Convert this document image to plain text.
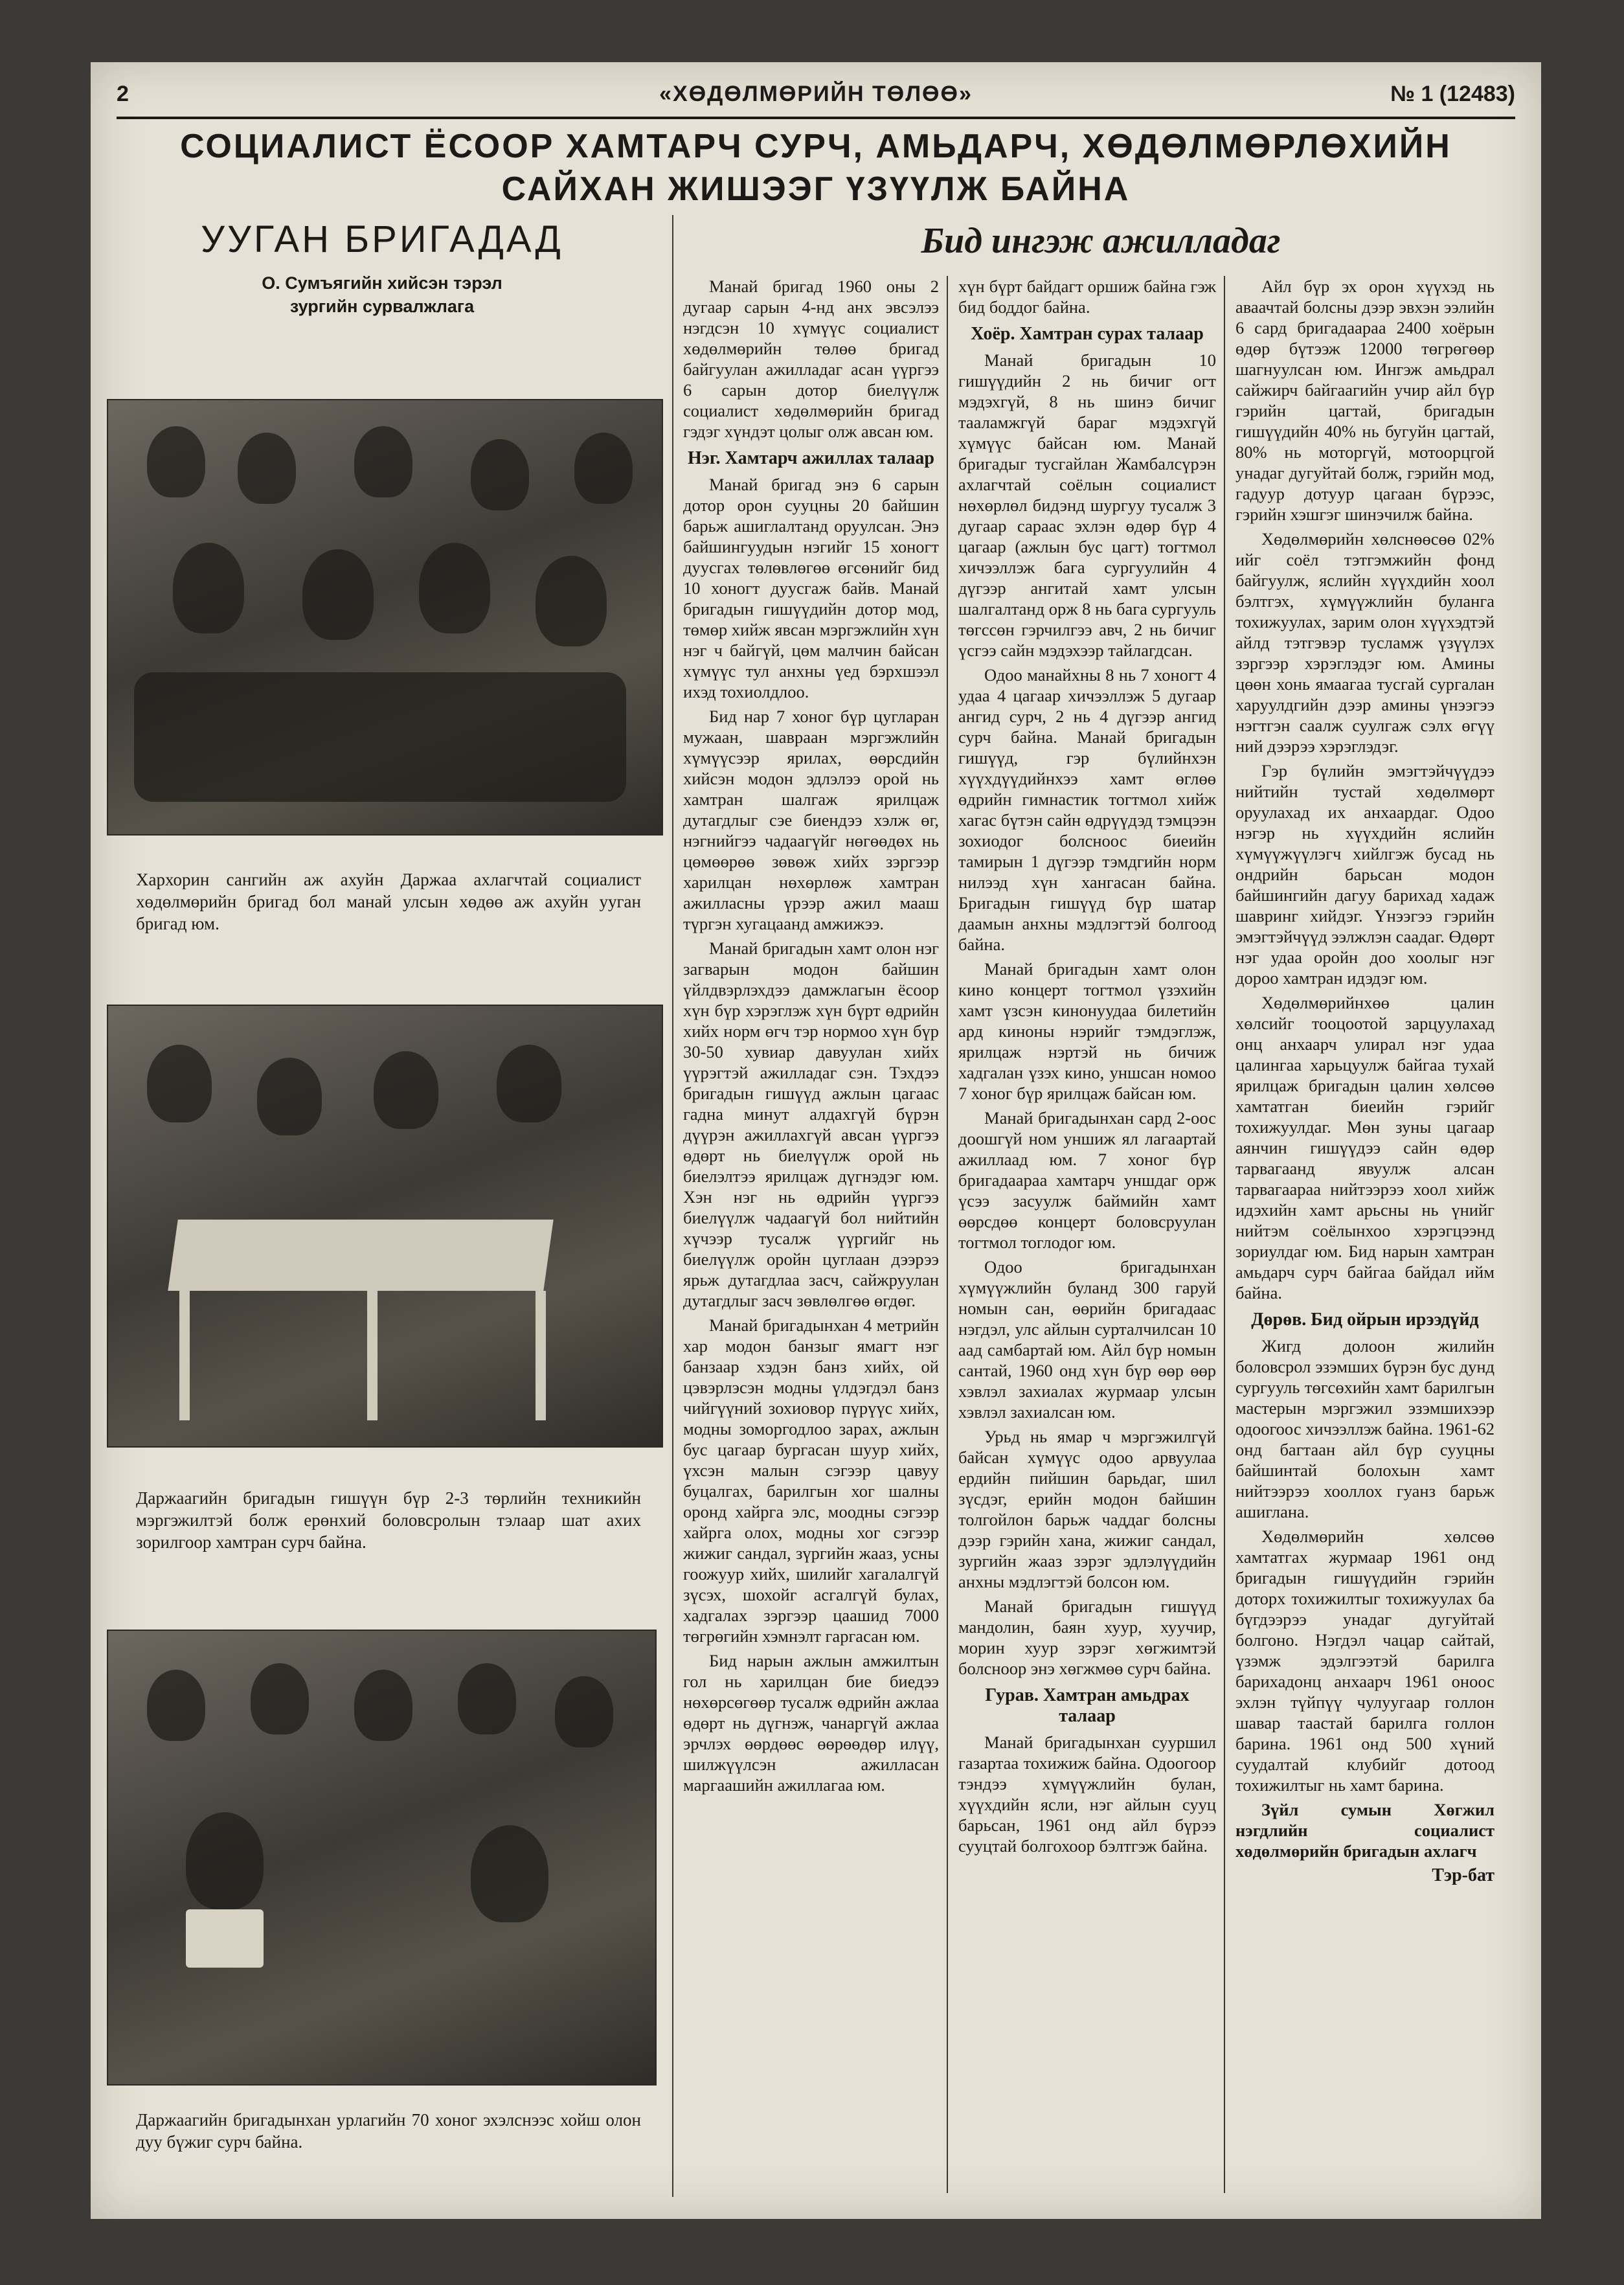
2	«ХӨДӨЛМӨРИЙН ТӨЛӨӨ»	№ 1 (12483)
СОЦИАЛИСТ ЁСООР ХАМТАРЧ СУРЧ, АМЬДАРЧ, ХӨДӨЛМӨРЛӨХИЙН
САЙХАН ЖИШЭЭГ ҮЗҮҮЛЖ БАЙНА
УУГАН БРИГАДАД
О. Сумъягийн хийсэн тэрэл
зургийн сурвалжлага
Хархорин сангийн аж ахуйн Даржаа ахлагчтай социалист хөдөлмөрийн бригад бол манай улсын хөдөө аж ахуйн ууган бригад юм.
Даржаагийн бригадын гишүүн бүр 2-3 төрлийн техникийн мэргэжилтэй болж ерөнхий боловсролын тэлаар шат ахих зорилгоор хамтран сурч байна.
Даржаагийн бригадынхан урлагийн 70 хоног эхэлснээс хойш олон дуу бүжиг сурч байна.
Бид ингэж ажилладаг

Манай бригад 1960 оны 2 дугаар сарын 4-нд анх эвсэлээ нэгдсэн 10 хүмүүс социалист хөдөлмөрийн төлөө бригад байгуулан ажилладаг асан үүргээ 6 сарын дотор биелүүлж социалист хөдөлмөрийн бригад гэдэг хүндэт цолыг олж авсан юм.

Нэг. Хамтарч ажиллах талаар

Манай бригад энэ 6 сарын дотор орон сууцны 20 байшин барьж ашиглалтанд оруулсан. Энэ байшингуудын нэгийг 15 хоногт дуусгах төлөвлөгөө өгсөнийг бид 10 хоногт дуусгаж байв. Манай бригадын гишүүдийн дотор мод, төмөр хийж явсан мэргэжлийн хүн нэг ч байгүй, цөм малчин байсан хүмүүс тул анхны үед бэрхшээл ихэд тохиолдлоо.

Бид нар 7 хоног бүр цугларан мужаан, шавраан мэргэжлийн хүмүүсээр ярилах, өөрсдийн хийсэн модон эдлэлээ орой нь хамтран шалгаж ярилцаж дутагдлыг сэе биендээ хэлж өг, нэгнийгээ чадаагүйг нөгөөдөх нь цөмөөрөө зөвөж хийх зэргээр харилцан нөхөрлөж хамтран ажилласны үрээр ажил мааш түргэн хугацаанд амжижээ.

Манай бригадын хамт олон нэг загварын модон байшин үйлдвэрлэхдээ дамжлагын ёсоор хүн бүр хэрэглэж хүн бүрт өдрийн хийх норм өгч тэр нормоо хүн бүр 30-50 хувиар давуулан хийх үүрэгтэй ажилладаг сэн. Тэхдээ бригадын гишүүд ажлын цагаас гадна минут алдахгүй бүрэн дүүрэн ажиллахгүй авсан үүргээ өдөрт нь биелүүлж орой нь биелэлтээ ярилцаж дүгнэдэг юм. Хэн нэг нь өдрийн үүргээ биелүүлж чадаагүй бол нийтийн хүчээр тусалж үүргийг нь биелүүлж оройн цуглаан дээрээ ярьж дутагдлаа засч, сайжруулан дутагдлыг засч зөвлөлгөө өгдөг.

Манай бригадынхан 4 метрийн хар модон банзыг ямагт нэг банзаар хэдэн банз хийх, ой цэвэрлэсэн модны үлдэгдэл банз чийгүүний зохиовор пүрүүс хийх, модны зоморгодлоо зарах, ажлын бус цагаар бургасан шуур хийх, үхсэн малын сэгээр цавуу буцалгах, барилгын хог шалны оронд хайрга элс, моодны сэгээр хайрга олох, модны хог сэгээр жижиг сандал, зүргийн жааз, усны гоожуур хийх, шилийг хагалалгүй зүсэх, шохойг асгалгүй булах, хадгалах зэргээр цаашид 7000 төгрөгийн хэмнэлт гаргасан юм.

Бид нарын ажлын амжилтын гол нь харилцан бие биедээ нөхөрсөгөөр тусалж өдрийн ажлаа өдөрт нь дүгнэж, чанаргүй ажлаа эрчлэх өөрдөөс өөрөөдөр илүү, шилжүүлсэн ажилласан маргаашийн ажиллагаа юм.

хүн бүрт байдагт оршиж байна гэж бид боддог байна.

Хоёр. Хамтран сурах талаар

Манай бригадын 10 гишүүдийн 2 нь бичиг огт мэдэхгүй, 8 нь шинэ бичиг тааламжгүй бараг мэдэхгүй хүмүүс байсан юм. Манай бригадыг тусгайлан Жамбалсүрэн ахлагчтай соёлын социалист нөхөрлөл бидэнд шургуу тусалж 3 дугаар сараас эхлэн өдөр бүр 4 цагаар (ажлын бус цагт) тогтмол хичээллэж бага сургуулийн 4 дүгээр ангитай хамт улсын шалгалтанд орж 8 нь бага сургууль төгссөн гэрчилгээ авч, 2 нь бичиг үсгээ сайн мэдэхээр тайлагдсан.

Одоо манайхны 8 нь 7 хоногт 4 удаа 4 цагаар хичээллэж 5 дугаар ангид сурч, 2 нь 4 дүгээр ангид сурч байна. Манай бригадын гишүүд, гэр бүлийнхэн хүүхдүүдийнхээ хамт өглөө өдрийн гимнастик тогтмол хийж хагас бүтэн сайн өдрүүдэд тэмцээн зохиодог болсноос биеийн тамирын 1 дүгээр тэмдгийн норм нилээд хүн хангасан байна. Бригадын гишүүд бүр шатар даамын анхны мэдлэгтэй болгоод байна.

Манай бригадын хамт олон кино концерт тогтмол үзэхийн хамт үзсэн кинонуудаа билетийн ард киноны нэрийг тэмдэглэж, ярилцаж нэртэй нь бичиж хадгалан үзэх кино, уншсан номоо 7 хоног бүр ярилцаж байсан юм.

Манай бригадынхан сард 2-оос доошгүй ном уншиж ял лагаартай ажиллаад юм. 7 хоног бүр бригадаараа хамтарч уншдаг орж үсээ засуулж баймийн хамт өөрсдөө концерт боловсруулан тогтмол тоглодог юм.

Одоо бригадынхан хүмүүжлийн буланд 300 гаруй номын сан, өөрийн бригадаас нэгдэл, улс айлын сурталчилсан 10 аад самбартай юм. Айл бүр номын сантай, 1960 онд хүн бүр өөр өөр хэвлэл захиалах журмаар улсын хэвлэл захиалсан юм.

Урьд нь ямар ч мэргэжилгүй байсан хүмүүс одоо арвуулаа ердийн пийшин барьдаг, шил зүсдэг, ерийн модон байшин толгойлон барьж чаддаг болсны дээр гэрийн хана, жижиг сандал, зургийн жааз зэрэг эдлэлүүдийн анхны мэдлэгтэй болсон юм.

Манай бригадын гишүүд мандолин, баян хуур, хуучир, морин хуур зэрэг хөгжимтэй болсноор энэ хөгжмөө сурч байна.

Гурав. Хамтран амьдрах талаар

Манай бригадынхан сууршил газартаа тохижиж байна. Одоогоор тэндээ хүмүүжлийн булан, хүүхдийн ясли, нэг айлын сууц барьсан, 1961 онд айл бүрээ сууцтай болгохоор бэлтгэж байна.

Айл бүр эх орон хүүхэд нь аваачтай болсны дээр эвхэн ээлийн 6 сард бригадаараа 2400 хоёрын өдөр бүтээж 12000 төгрөгөөр шагнуулсан юм. Ингэж амьдрал сайжирч байгаагийн учир айл бүр гэрийн цагтай, бригадын гишүүдийн 40% нь бугуйн цагтай, 80% нь моторгүй, мотоорцгой унадаг дугуйтай болж, гэрийн мод, гадуур дотуур цагаан бүрээс, гэрийн хэшгэг шинэчилж байна.

Хөдөлмөрийн хөлснөөсөө 02% ийг соёл тэтгэмжийн фонд байгуулж, яслийн хүүхдийн хоол бэлтгэх, хүмүүжлийн буланга тохижуулах, зарим олон хүүхэдтэй айлд тэтгэвэр тусламж үзүүлэх зэргээр хэрэглэдэг юм. Амины цөөн хонь ямаагаа тусгай сургалан харуулдгийн дээр амины үнээгээ нэгтгэн саалж суулгаж сэлх өгүү ний дээрээ хэрэглэдэг.

Гэр бүлийн эмэгтэйчүүдээ нийтийн тустай хөдөлмөрт оруулахад их анхаардаг. Одоо нэгэр нь хүүхдийн яслийн хүмүүжүүлэгч хийлгэж бусад нь ондрийн барьсан модон байшингийн дагуу барихад хадаж шавринг хийдэг. Үнээгээ гэрийн эмэгтэйчүүд ээлжлэн саадаг. Өдөрт нэг удаа оройн доо хоолыг нэг дороо хамтран идэдэг юм.

Хөдөлмөрийнхөө цалин хөлсийг тооцоотой зарцуулахад онц анхаарч улирал нэг удаа цалингаа харьцуулж байгаа тухай ярилцаж бригадын цалин хөлсөө хамтатган биеийн гэрийг тохижуулдаг. Мөн зуны цагаар аянчин гишүүдээ сайн өдөр тарвагаанд явуулж алсан тарвагаараа нийтээрээ хоол хийж идэхийн хамт арьсны нь үнийг нийтэм соёлынхоо хэрэгцээнд зориулдаг юм. Бид нарын хамтран амьдарч сурч байгаа байдал ийм байна.

Дөрөв. Бид ойрын ирээдүйд

Жигд долоон жилийн боловсрол эзэмших бүрэн бус дунд сургууль төгсөхийн хамт барилгын мастерын мэргэжил эзэмшихээр одоогоос хичээллэж байна. 1961-62 онд багтаан айл бүр сууцны байшинтай болохын хамт нийтээрээ хооллох гуанз барьж ашиглана.

Хөдөлмөрийн хөлсөө хамтатгах журмаар 1961 онд бригадын гишүүдийн гэрийн доторх тохижилтыг тохижуулах ба бүгдээрээ унадаг дугуйтай болгоно. Нэгдэл чацар сайтай, үзэмж эдэлгээтэй барилга барихадонц анхаарч 1961 оноос эхлэн түйпүү чулуугаар голлон шавар таастай барилга голлон барина. 1961 онд 500 хүний суудалтай клубийг дотоод тохижилтыг нь хамт барина.

Зүйл сумын Хөгжил нэгдлийн социалист хөдөлмөрийн бригадын ахлагч

Тэр-бат
